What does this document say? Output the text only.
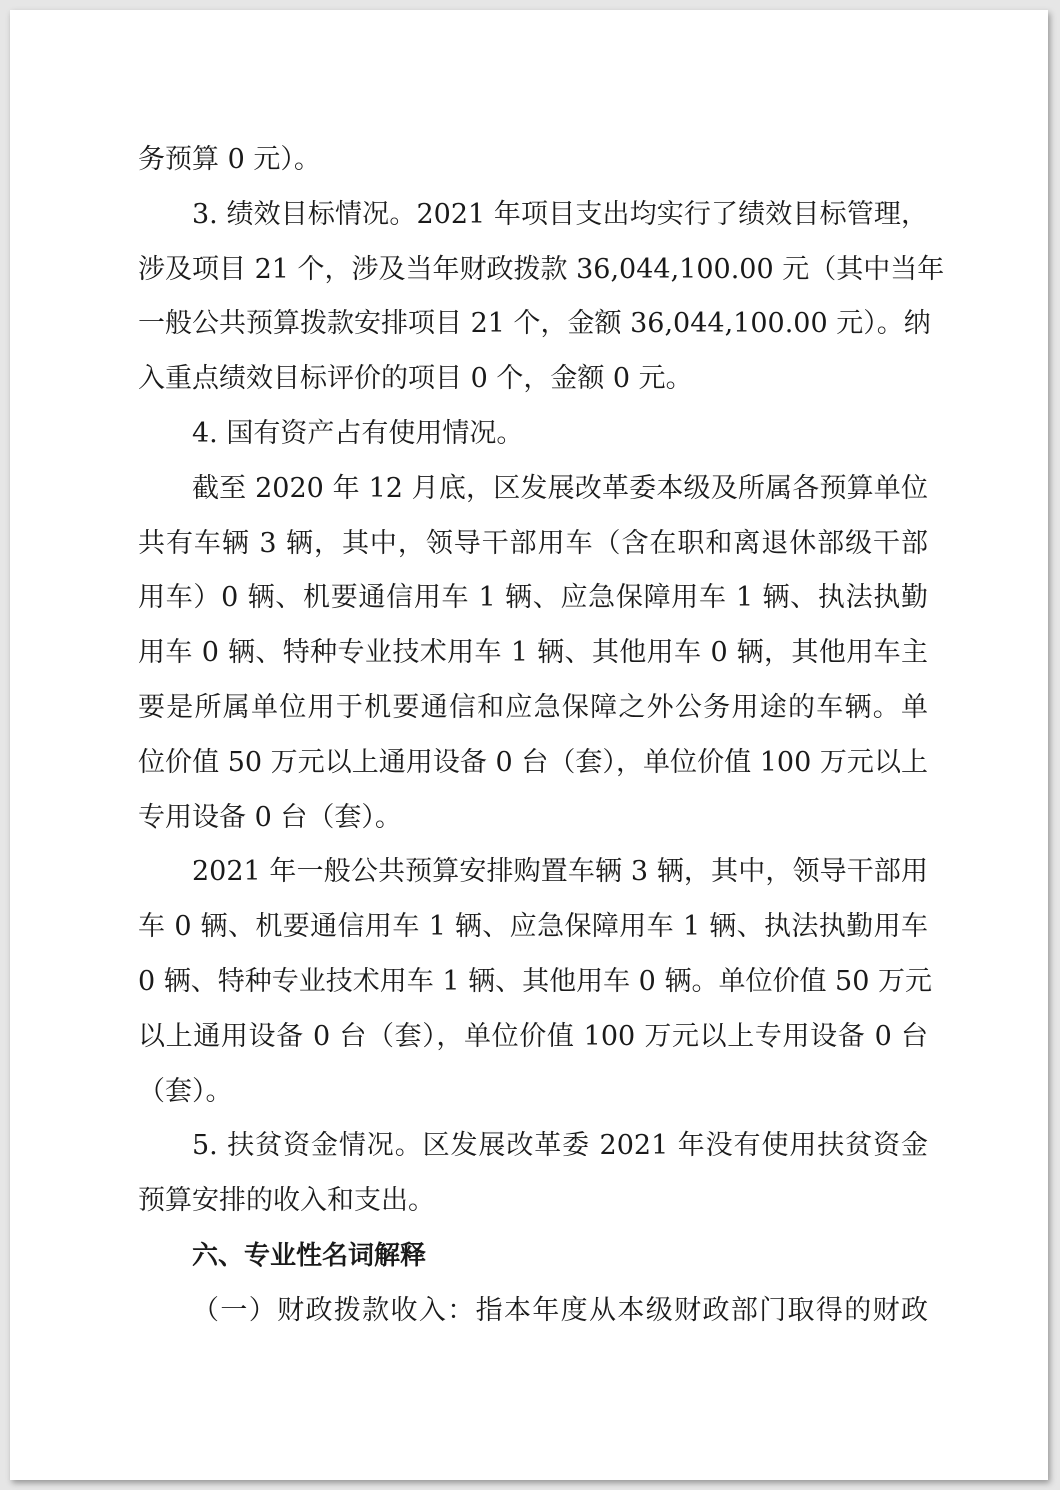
务预算 0 元）。
3. 绩效目标情况。2021 年项目支出均实行了绩效目标管理，
涉及项目 21 个，涉及当年财政拨款 36,044,100.00 元（其中当年
一般公共预算拨款安排项目 21 个，金额 36,044,100.00 元）。纳
入重点绩效目标评价的项目 0 个，金额 0 元。
4. 国有资产占有使用情况。
截至 2020 年 12 月底，区发展改革委本级及所属各预算单位
共有车辆 3 辆，其中，领导干部用车（含在职和离退休部级干部
用车）0 辆、机要通信用车 1 辆、应急保障用车 1 辆、执法执勤
用车 0 辆、特种专业技术用车 1 辆、其他用车 0 辆，其他用车主
要是所属单位用于机要通信和应急保障之外公务用途的车辆。单
位价值 50 万元以上通用设备 0 台（套），单位价值 100 万元以上
专用设备 0 台（套）。
2021 年一般公共预算安排购置车辆 3 辆，其中，领导干部用
车 0 辆、机要通信用车 1 辆、应急保障用车 1 辆、执法执勤用车
0 辆、特种专业技术用车 1 辆、其他用车 0 辆。单位价值 50 万元
以上通用设备 0 台（套），单位价值 100 万元以上专用设备 0 台
（套）。
5. 扶贫资金情况。区发展改革委 2021 年没有使用扶贫资金
预算安排的收入和支出。
六、专业性名词解释
（一）财政拨款收入：指本年度从本级财政部门取得的财政
